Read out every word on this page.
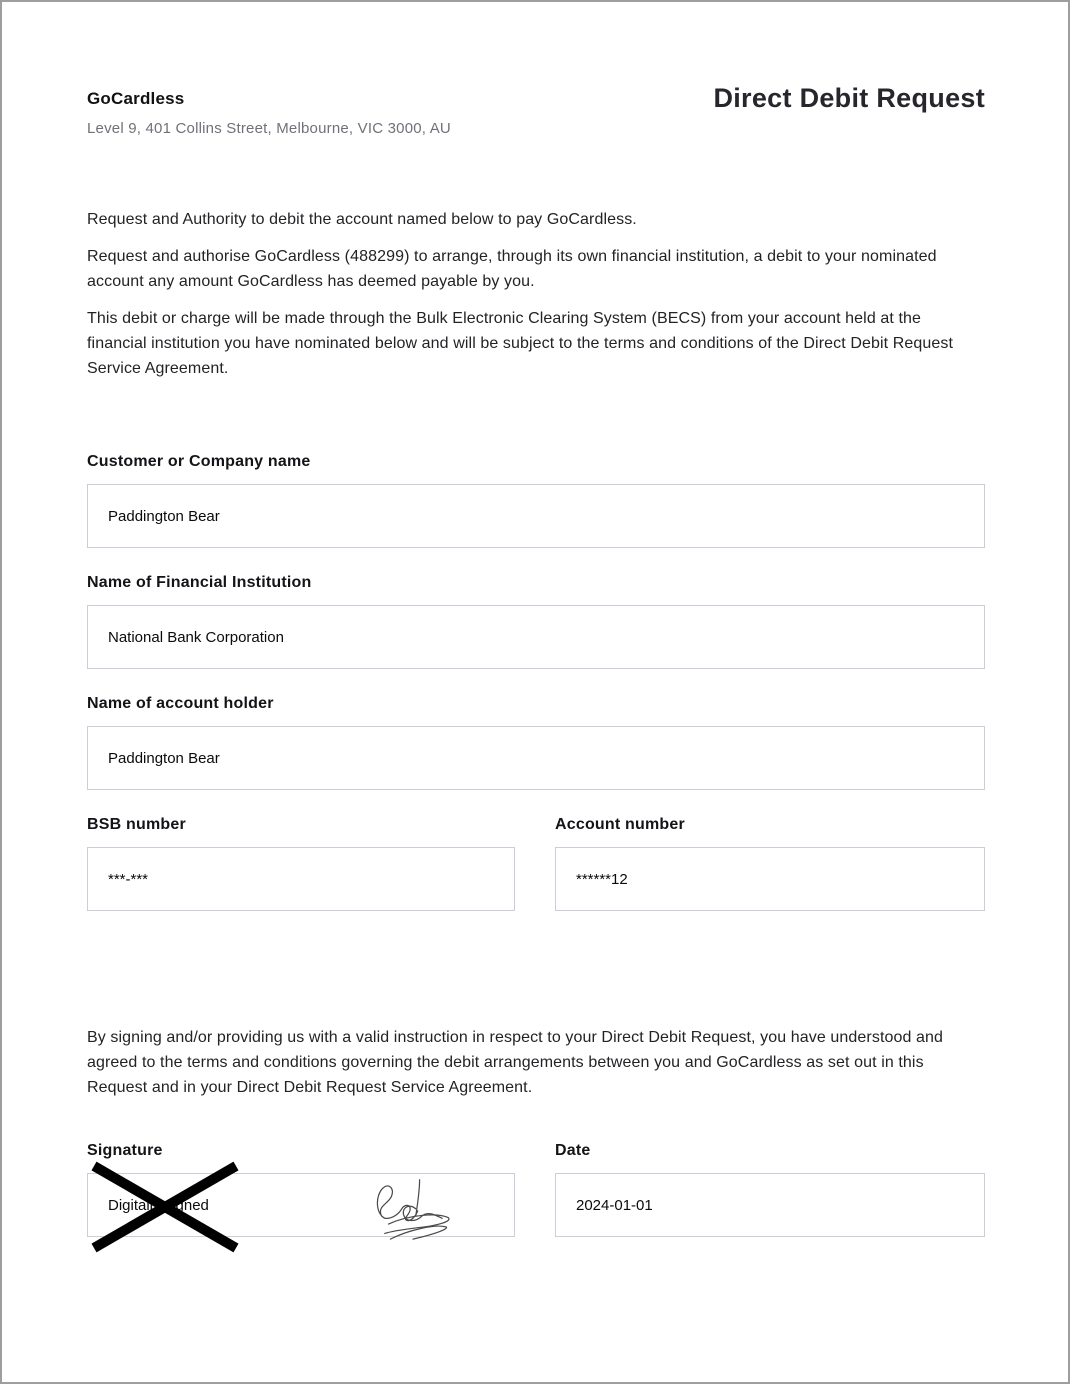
GoCardless
Level 9, 401 Collins Street, Melbourne, VIC 3000, AU
Direct Debit Request

Request and Authority to debit the account named below to pay GoCardless.

Request and authorise GoCardless (488299) to arrange, through its own financial institution, a debit to your nominated account any amount GoCardless has deemed payable by you.

This debit or charge will be made through the Bulk Electronic Clearing System (BECS) from your account held at the financial institution you have nominated below and will be subject to the terms and conditions of the Direct Debit Request Service Agreement.

Customer or Company name
Paddington Bear
Name of Financial Institution
National Bank Corporation
Name of account holder
Paddington Bear
BSB number
***-***
Account number
******12

By signing and/or providing us with a valid instruction in respect to your Direct Debit Request, you have understood and agreed to the terms and conditions governing the debit arrangements between you and GoCardless as set out in this Request and in your Direct Debit Request Service Agreement.

Signature
Digitally signed
Date
2024-01-01
